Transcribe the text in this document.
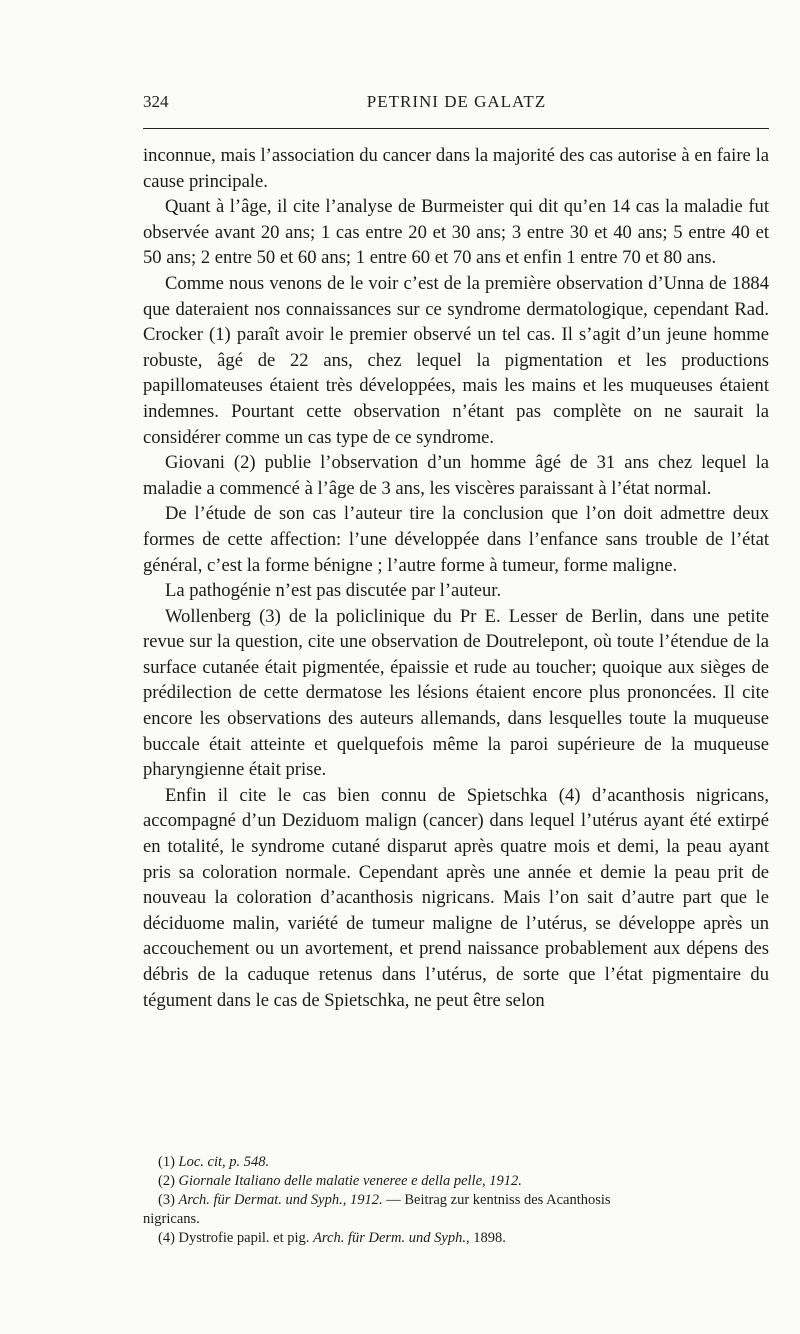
324	PETRINI DE GALATZ

inconnue, mais l’association du cancer dans la majorité des cas autorise à en faire la cause principale.

Quant à l’âge, il cite l’analyse de Burmeister qui dit qu’en 14 cas la maladie fut observée avant 20 ans; 1 cas entre 20 et 30 ans; 3 entre 30 et 40 ans; 5 entre 40 et 50 ans; 2 entre 50 et 60 ans; 1 entre 60 et 70 ans et enfin 1 entre 70 et 80 ans.

Comme nous venons de le voir c’est de la première observation d’Unna de 1884 que dateraient nos connaissances sur ce syndrome dermatologique, cependant Rad. Crocker (1) paraît avoir le premier observé un tel cas. Il s’agit d’un jeune homme robuste, âgé de 22 ans, chez lequel la pigmentation et les productions papillomateuses étaient très développées, mais les mains et les muqueuses étaient indemnes. Pourtant cette observation n’étant pas complète on ne saurait la considérer comme un cas type de ce syndrome.

Giovani (2) publie l’observation d’un homme âgé de 31 ans chez lequel la maladie a commencé à l’âge de 3 ans, les viscères paraissant à l’état normal.

De l’étude de son cas l’auteur tire la conclusion que l’on doit admettre deux formes de cette affection: l’une développée dans l’enfance sans trouble de l’état général, c’est la forme bénigne ; l’autre forme à tumeur, forme maligne.

La pathogénie n’est pas discutée par l’auteur.

Wollenberg (3) de la policlinique du Pr E. Lesser de Berlin, dans une petite revue sur la question, cite une observation de Doutrelepont, où toute l’étendue de la surface cutanée était pigmentée, épaissie et rude au toucher; quoique aux sièges de prédilection de cette dermatose les lésions étaient encore plus prononcées. Il cite encore les observations des auteurs allemands, dans lesquelles toute la muqueuse buccale était atteinte et quelquefois même la paroi supérieure de la muqueuse pharyngienne était prise.

Enfin il cite le cas bien connu de Spietschka (4) d’acanthosis nigricans, accompagné d’un Deziduom malign (cancer) dans lequel l’utérus ayant été extirpé en totalité, le syndrome cutané disparut après quatre mois et demi, la peau ayant pris sa coloration normale. Cependant après une année et demie la peau prit de nouveau la coloration d’acanthosis nigricans. Mais l’on sait d’autre part que le déciduome malin, variété de tumeur maligne de l’utérus, se développe après un accouchement ou un avortement, et prend naissance probablement aux dépens des débris de la caduque retenus dans l’utérus, de sorte que l’état pigmentaire du tégument dans le cas de Spietschka, ne peut être selon

(1) Loc. cit, p. 548.

(2) Giornale Italiano delle malatie veneree e della pelle, 1912.

(3) Arch. für Dermat. und Syph., 1912. — Beitrag zur kentniss des Acanthosis
nigricans.

(4) Dystrofie papil. et pig. Arch. für Derm. und Syph., 1898.
